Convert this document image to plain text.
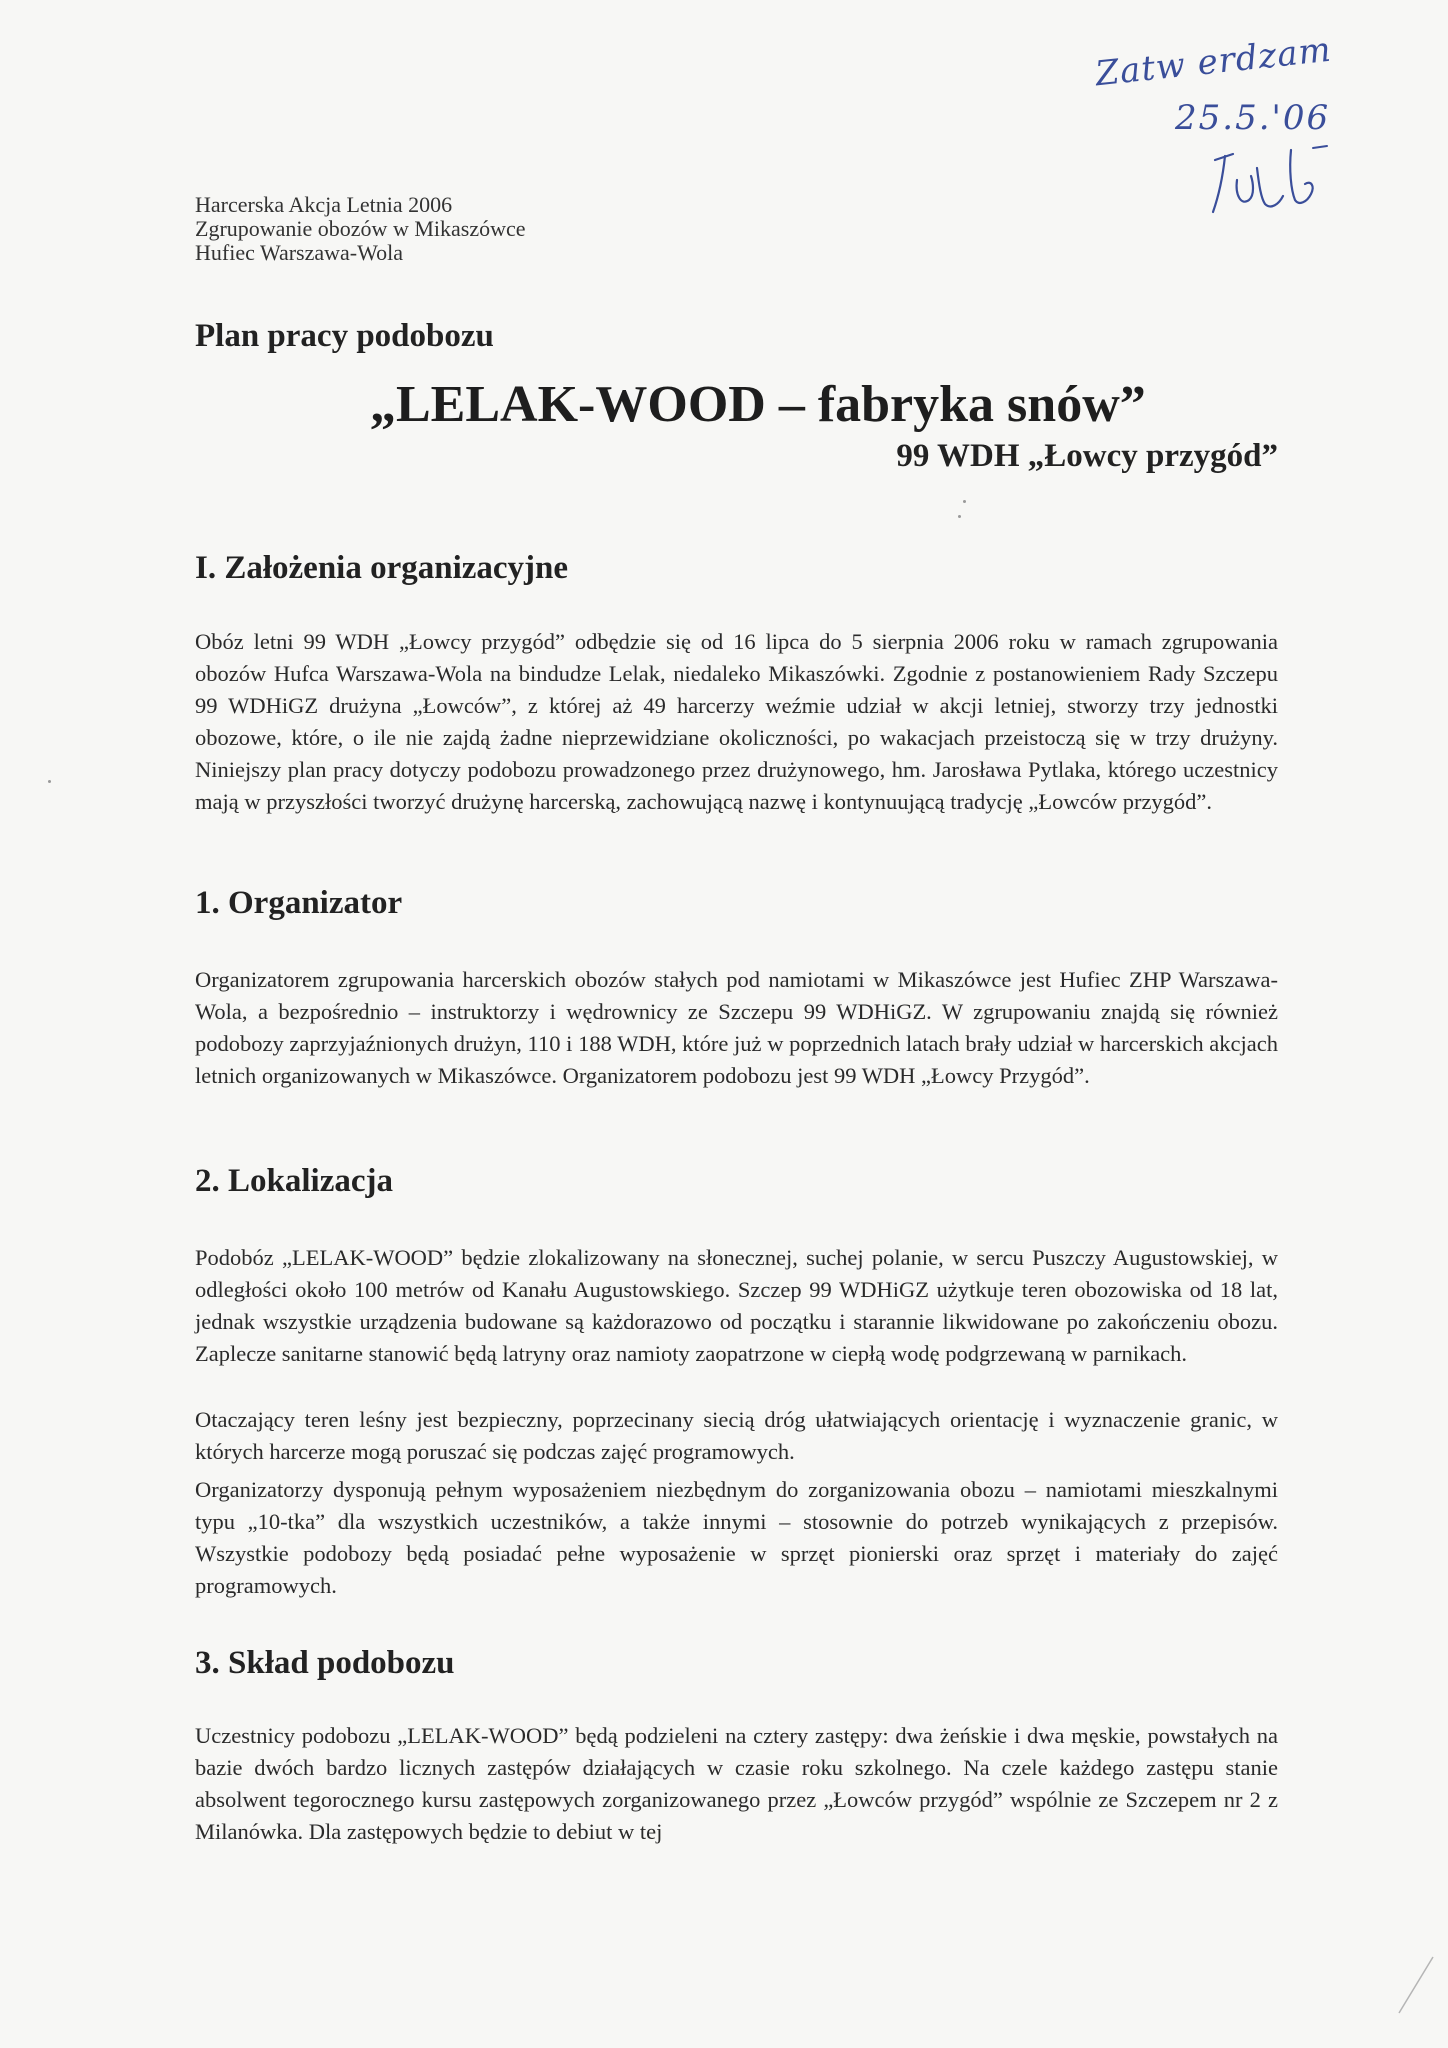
Zatw erdzam
25.5.'06
Harcerska Akcja Letnia 2006
Zgrupowanie obozów w Mikaszówce
Hufiec Warszawa-Wola
Plan pracy podobozu
„LELAK-WOOD – fabryka snów”
99 WDH „Łowcy przygód”
I. Założenia organizacyjne
Obóz letni 99 WDH „Łowcy przygód” odbędzie się od 16 lipca do 5 sierpnia 2006 roku w ramach zgrupowania obozów Hufca Warszawa-Wola na bindudze Lelak, niedaleko Mikaszówki. Zgodnie z postanowieniem Rady Szczepu 99 WDHiGZ drużyna „Łowców”, z której aż 49 harcerzy weźmie udział w akcji letniej, stworzy trzy jednostki obozowe, które, o ile nie zajdą żadne nieprzewidziane okoliczności, po wakacjach przeistoczą się w trzy drużyny. Niniejszy plan pracy dotyczy podobozu prowadzonego przez drużynowego, hm. Jarosława Pytlaka, którego uczestnicy mają w przyszłości tworzyć drużynę harcerską, zachowującą nazwę i kontynuującą tradycję „Łowców przygód”.
1. Organizator
Organizatorem zgrupowania harcerskich obozów stałych pod namiotami w Mikaszówce jest Hufiec ZHP Warszawa-Wola, a bezpośrednio – instruktorzy i wędrownicy ze Szczepu 99 WDHiGZ. W zgrupowaniu znajdą się również podobozy zaprzyjaźnionych drużyn, 110 i 188 WDH, które już w poprzednich latach brały udział w harcerskich akcjach letnich organizowanych w Mikaszówce. Organizatorem podobozu jest 99 WDH „Łowcy Przygód”.
2. Lokalizacja
Podobóz „LELAK-WOOD” będzie zlokalizowany na słonecznej, suchej polanie, w sercu Puszczy Augustowskiej, w odległości około 100 metrów od Kanału Augustowskiego. Szczep 99 WDHiGZ użytkuje teren obozowiska od 18 lat, jednak wszystkie urządzenia budowane są każdorazowo od początku i starannie likwidowane po zakończeniu obozu. Zaplecze sanitarne stanowić będą latryny oraz namioty zaopatrzone w ciepłą wodę podgrzewaną w parnikach.
Otaczający teren leśny jest bezpieczny, poprzecinany siecią dróg ułatwiających orientację i wyznaczenie granic, w których harcerze mogą poruszać się podczas zajęć programowych.
Organizatorzy dysponują pełnym wyposażeniem niezbędnym do zorganizowania obozu – namiotami mieszkalnymi typu „10-tka” dla wszystkich uczestników, a także innymi – stosownie do potrzeb wynikających z przepisów. Wszystkie podobozy będą posiadać pełne wyposażenie w sprzęt pionierski oraz sprzęt i materiały do zajęć programowych.
3. Skład podobozu
Uczestnicy podobozu „LELAK-WOOD” będą podzieleni na cztery zastępy: dwa żeńskie i dwa męskie, powstałych na bazie dwóch bardzo licznych zastępów działających w czasie roku szkolnego. Na czele każdego zastępu stanie absolwent tegorocznego kursu zastępowych zorganizowanego przez „Łowców przygód” wspólnie ze Szczepem nr 2 z Milanówka. Dla zastępowych będzie to debiut w tej
